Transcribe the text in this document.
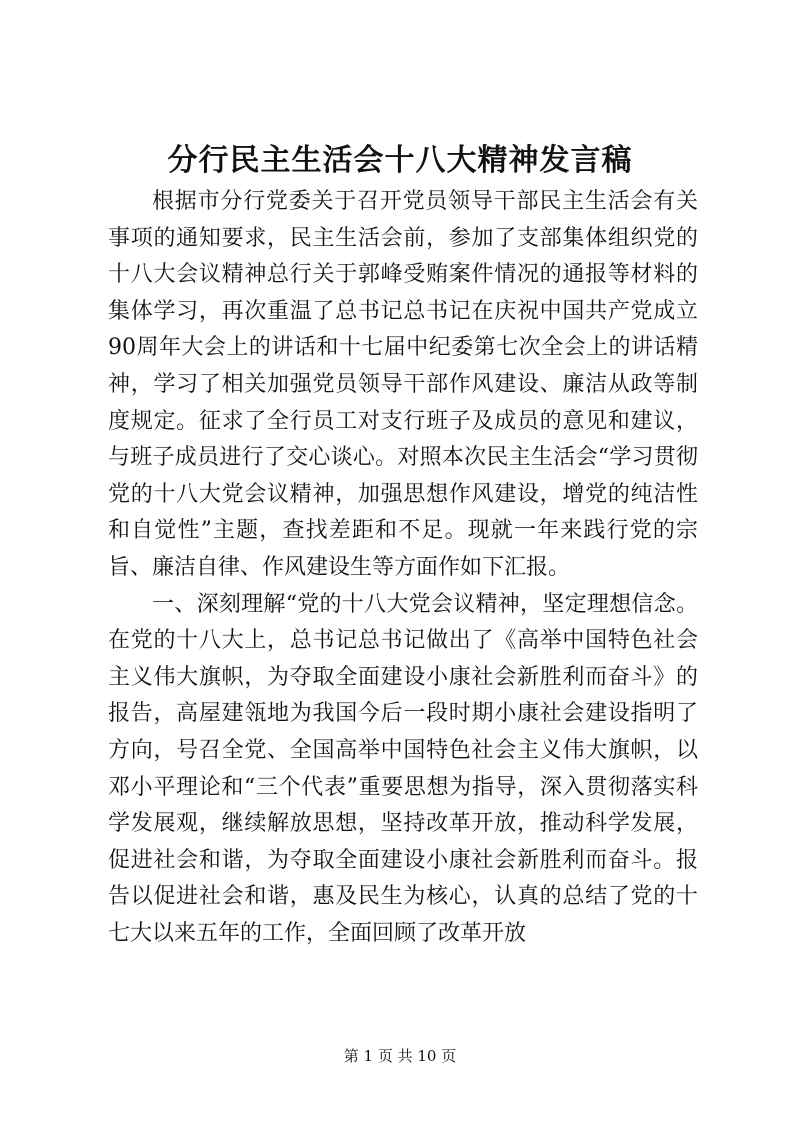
分行民主生活会十八大精神发言稿

根据市分行党委关于召开党员领导干部民主生活会有关事项的通知要求，民主生活会前，参加了支部集体组织党的十八大会议精神总行关于郭峰受贿案件情况的通报等材料的集体学习，再次重温了总书记总书记在庆祝中国共产党成立90周年大会上的讲话和十七届中纪委第七次全会上的讲话精神，学习了相关加强党员领导干部作风建设、廉洁从政等制度规定。征求了全行员工对支行班子及成员的意见和建议，与班子成员进行了交心谈心。对照本次民主生活会“学习贯彻党的十八大党会议精神，加强思想作风建设，增党的纯洁性和自觉性”主题，查找差距和不足。现就一年来践行党的宗旨、廉洁自律、作风建设生等方面作如下汇报。

一、深刻理解“党的十八大党会议精神，坚定理想信念。在党的十八大上，总书记总书记做出了《高举中国特色社会主义伟大旗帜，为夺取全面建设小康社会新胜利而奋斗》的报告，高屋建瓴地为我国今后一段时期小康社会建设指明了方向，号召全党、全国高举中国特色社会主义伟大旗帜，以邓小平理论和“三个代表”重要思想为指导，深入贯彻落实科学发展观，继续解放思想，坚持改革开放，推动科学发展，促进社会和谐，为夺取全面建设小康社会新胜利而奋斗。报告以促进社会和谐，惠及民生为核心，认真的总结了党的十七大以来五年的工作，全面回顾了改革开放

第 1 页 共 10 页
